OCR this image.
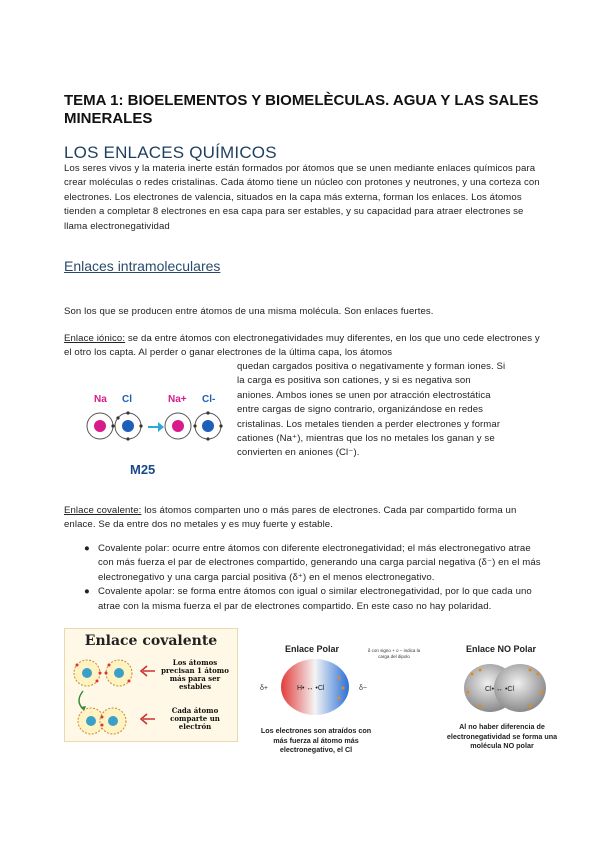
TEMA 1: BIOELEMENTOS Y BIOMELÈCULAS. AGUA Y LAS SALES MINERALES
LOS ENLACES QUÍMICOS
Los seres vivos y la materia inerte están formados por átomos que se unen mediante enlaces químicos para crear moléculas o redes cristalinas. Cada átomo tiene un núcleo con protones y neutrones, y una corteza con electrones. Los electrones de valencia, situados en la capa más externa, forman los enlaces. Los átomos tienden a completar 8 electrones en esa capa para ser estables, y su capacidad para atraer electrones se llama electronegatividad
Enlaces intramoleculares
Son los que se producen entre átomos de una misma molécula. Son enlaces fuertes.
Enlace iónico: se da entre átomos con electronegatividades muy diferentes, en los que uno cede electrones y el otro los capta. Al perder o ganar electrones de la última capa, los átomos
quedan cargados positiva o negativamente y forman iones. Si la carga es positiva son cationes, y si es negativa son aniones. Ambos iones se unen por atracción electrostática entre cargas de signo contrario, organizándose en redes cristalinas. Los metales tienden a perder electrones y formar cationes (Na⁺), mientras que los no metales los ganan y se convierten en aniones (Cl⁻).
Na Cl	Na+ Cl-
M25
Enlace covalente: los átomos comparten uno o más pares de electrones. Cada par compartido forma un enlace. Se da entre dos no metales y es muy fuerte y estable.
● Covalente polar: ocurre entre átomos con diferente electronegatividad; el más electronegativo atrae con más fuerza el par de electrones compartido, generando una carga parcial negativa (δ⁻) en el más electronegativo y una carga parcial positiva (δ⁺) en el menos electronegativo.
● Covalente apolar: se forma entre átomos con igual o similar electronegatividad, por lo que cada uno atrae con la misma fuerza el par de electrones compartido. En este caso no hay polaridad.
Enlace covalente
Los átomos precisan 1 átomo más para ser estables
Cada átomo comparte un electrón
Enlace Polar
δ+	δ−
H• ↔ •Cl
δ con signo + o − indica la carga del dipolo
Los electrones son atraídos con más fuerza al átomo más electronegativo, el Cl
Enlace NO Polar
Cl• ↔ •Cl
Al no haber diferencia de electronegatividad se forma una molécula NO polar
